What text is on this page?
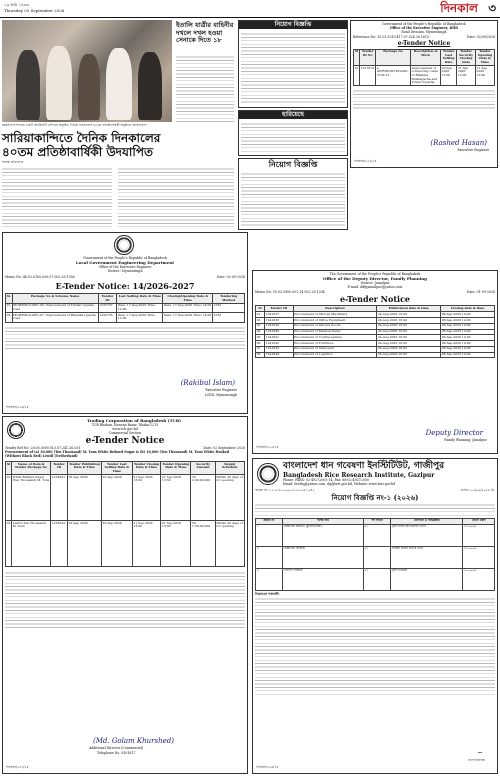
১৯ ভাদ্র ১৪৩৩
Thursday 03 September 2026	দিনকাল ৩
ইতালি যাত্রীর বাহিনীর দখলে দখল হওয়া সেনাকে দিতে ১৮
ময়মনসিংহ শহরের একটি কমিউনিটি সেন্টারে অনুষ্ঠিত দৈনিক দিনকালের ৪০তম প্রতিষ্ঠাবার্ষিকী অনুষ্ঠানে অতিথিবৃন্দ।
সারিয়াকান্দিতে দৈনিক দিনকালের
৪০তম প্রতিষ্ঠাবার্ষিকী উদযাপিত
নিজস্ব প্রতিবেদক
নিয়োগ বিজ্ঞপ্তি
হারিয়েছে
নিয়োগ বিজ্ঞপ্তি
Government of the People's Republic of Bangladesh
Office of the Executive Engineer, RHD
Road Division, Mymensingh
Reference No: 35.01.3019.417.07.024.26.1615	Date: 02/09/2026
e-Tender Notice
Sl	Tender ID No	Package No	Description of Work	Tender Last Selling Date	Tender Security Closing Date	Tender Opening Date & Time
01	1227874	e-GP/RHD/MYM/2026-27/W-10	Improvement of connecting roads of Bhaluka, Muktagacha and Fulpur Upazila	20 Sep 2026 12:00	21 Sep 2026 12:00	21 Sep 2026 12:00
(Rashed Hasan)
Executive Engineer
দিনকাল/২২৩/২৪
Government of the People's Republic of Bangladesh
Local Government Engineering Department
Office of the Executive Engineer
District: Mymensingh
Memo No: 46.02.6100.000.07.002.26-1056	Date: 02-09-2026
E-Tender Notice: 14/2026-2027
Sl.	Package No & Scheme Name	Tender ID	Last Selling Date & Time	Closing/Opening Date & Time	Tendering Method
01	MGH/PSD/LGED-06: Improvement of Trishal Upazila road	1232707	Date: 17-Sep-2026 Time: 12:00	Date: 17-Sep-2026 Time: 14:00	LTM
02	MGH/PSD/LGED-07: Improvement of Bhaluka Upazila road	1232705	Date: 17-Sep-2026 Time: 12:00	Date: 17-Sep-2026 Time: 14:00	LTM
(Rakibul Islam)
Executive Engineer
LGED, Mymensingh
দিনকাল/২২৬/২৪
The Government of the People's Republic of Bangladesh
Office of the Deputy Director, Family Planning
District: Jamalpur
E-mail: ddfpjamalpur@yahoo.com
Memo No: 59.03.3900.001.14.002.26-1204	Date: 01-09-2026
e-Tender Notice
Sl	Tender ID	Description	Publication date & time	Closing date & time
01	1241837	Procurement of Various Machinery	24-Aug-2026 16:00	08-Sep-2026 14:00
02	1241838	Procurement of Office Equipment	24-Aug-2026 16:00	08-Sep-2026 14:00
03	1241839	Procurement of Various Goods	24-Aug-2026 16:00	08-Sep-2026 14:00
04	1241840	Procurement of Medical Items	24-Aug-2026 16:00	08-Sep-2026 14:00
05	1241841	Procurement of Contraceptives	24-Aug-2026 16:00	08-Sep-2026 14:00
06	1241842	Procurement of Furniture	24-Aug-2026 16:00	08-Sep-2026 14:00
07	1241843	Procurement of Stationery	24-Aug-2026 16:00	08-Sep-2026 14:00
08	1241844	Procurement of Logistics	24-Aug-2026 16:00	08-Sep-2026 14:00
Deputy Director
Family Planning, Jamalpur
দিনকাল/২২৫/২৪
Trading Corporation of Bangladesh (TCB)
TCB Bhaban, Kawran Bazar, Dhaka-1215
www.tcb.gov.bd
Commercial Section
e-Tender Notice
Tender Ref No: 26.05.0000.013.07.241.26.535	Date: 02 September 2026
Procurement of (a) 30,000 (Ten Thousand) M. Tons White Refined Sugar & (b) 10,000 (Ten Thousand) M. Tons White Husked (Without Black Red) Lentil (Netherland)
Sl	Name of Item & Tender Package No	Tender ID	Tender Publishing Date & Time	Tender Last Selling Date & Time	Tender Closing Date & Time	Tender Opening Date & Time	Security Amount	Supply Schedule
01	White Refined Sugar (Ten Thousand) M. Tons	1232641	03 Sep 2026	20 Sep 2026	21 Sep 2026 13:00	21 Sep 2026 13:30	Tk. 2,00,00,000	Within 30 days of LC opening
02	Lentil (Ten Thousand) M. Tons	1232642	03 Sep 2026	20 Sep 2026	21 Sep 2026 13:00	21 Sep 2026 13:30	Tk. 1,50,00,000	Within 30 days of LC opening
(Md. Golam Khurshed)
Additional Director (Commercial)
Telephone No. 8101617
দিনকাল/২২৭/২৪
বাংলাদেশ ধান গবেষণা ইনস্টিটিউট, গাজীপুর
Bangladesh Rice Research Institute, Gazipur
Phone: PABX: 02-49272005-14, Fax: 88-02-49272000
Email: brrihq@yahoo.com, dg@brri.gov.bd, Website: www.brri.gov.bd
স্মারক নং: ১২.২৩২৩.০০০.০৭.০২.২৬-১০৪৫	তারিখ: ০২/০৯/২০২৬ খ্রি.
নিয়োগ বিজ্ঞপ্তি নং-১ (২০২৬)
ক্রমিক নং	পদের নাম	পদ সংখ্যা	যোগ্যতা ও অভিজ্ঞতা	বেতন স্কেল
১.	বৈজ্ঞানিক কর্মকর্তা (চুক্তিভিত্তিক)	০১	কৃষি বিষয়ে স্নাতকোত্তর ডিগ্রি	৩৫,০০০/-
২.	বৈজ্ঞানিক সহকারী	০১	সংশ্লিষ্ট বিষয়ে স্নাতক ডিগ্রি	২৫,০০০/-
৩.	গবেষণা সহকারী	০২	কৃষি ডিপ্লোমা	২০,০০০/-
নিয়োগের শর্তাবলী:
~
মহাপরিচালক
দিনকাল/২২৪/২৪
